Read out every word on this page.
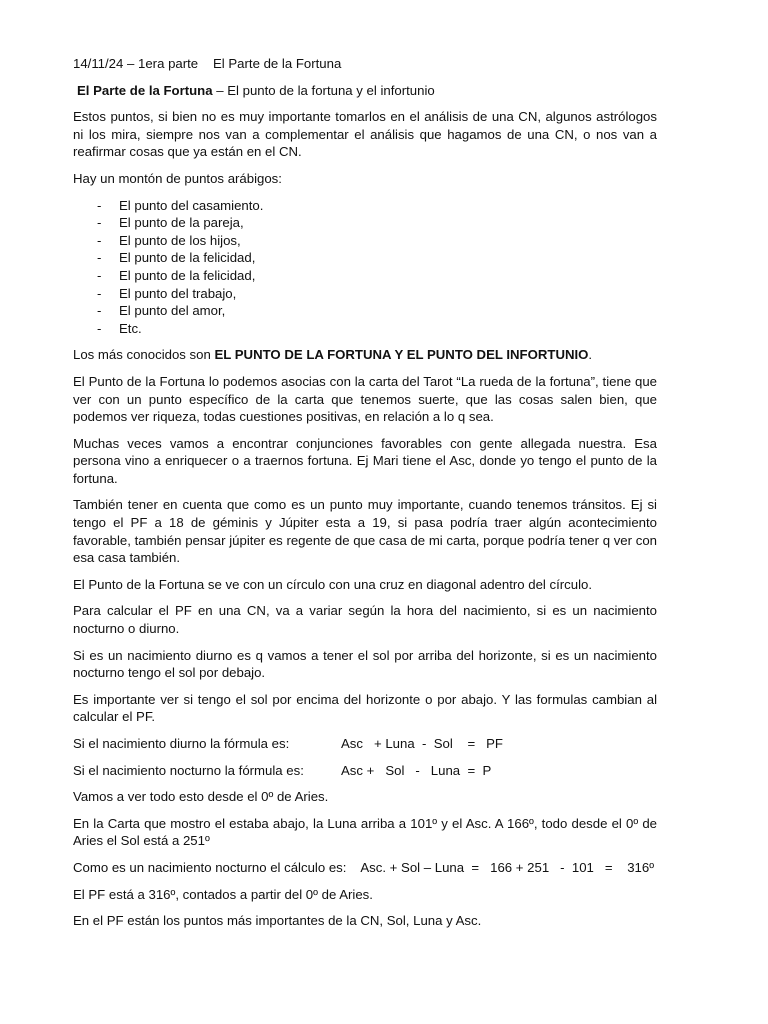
14/11/24 – 1era parte	El Parte de la Fortuna
El Parte de la Fortuna – El punto de la fortuna y el infortunio

Estos puntos, si bien no es muy importante tomarlos en el análisis de una CN, algunos astrólogos ni los mira, siempre nos van a complementar el análisis que hagamos de una CN, o nos van a reafirmar cosas que ya están en el CN.

Hay un montón de puntos arábigos:

- El punto del casamiento.
- El punto de la pareja,
- El punto de los hijos,
- El punto de la felicidad,
- El punto de la felicidad,
- El punto del trabajo,
- El punto del amor,
- Etc.

Los más conocidos son EL PUNTO DE LA FORTUNA Y EL PUNTO DEL INFORTUNIO.

El Punto de la Fortuna lo podemos asocias con la carta del Tarot “La rueda de la fortuna”, tiene que ver con un punto específico de la carta que tenemos suerte, que las cosas salen bien, que podemos ver riqueza, todas cuestiones positivas, en relación a lo q sea.

Muchas veces vamos a encontrar conjunciones favorables con gente allegada nuestra. Esa persona vino a enriquecer o a traernos fortuna. Ej Mari tiene el Asc, donde yo tengo el punto de la fortuna.

También tener en cuenta que como es un punto muy importante, cuando tenemos tránsitos. Ej si tengo el PF a 18 de géminis y Júpiter esta a 19, si pasa podría traer algún acontecimiento favorable, también pensar júpiter es regente de que casa de mi carta, porque podría tener q ver con esa casa también.

El Punto de la Fortuna se ve con un círculo con una cruz en diagonal adentro del círculo.

Para calcular el PF en una CN, va a variar según la hora del nacimiento, si es un nacimiento nocturno o diurno.

Si es un nacimiento diurno es q vamos a tener el sol por arriba del horizonte, si es un nacimiento nocturno tengo el sol por debajo.

Es importante ver si tengo el sol por encima del horizonte o por abajo. Y las formulas cambian al calcular el PF.

Si el nacimiento diurno la fórmula es:	Asc   + Luna  -  Sol    =   PF
Si el nacimiento nocturno la fórmula es:	Asc +   Sol   -   Luna  =  P

Vamos a ver todo esto desde el 0º de Aries.

En la Carta que mostro el estaba abajo, la Luna arriba a 101º y el Asc. A 166º, todo desde el 0º de Aries el Sol está a 251º

Como es un nacimiento nocturno el cálculo es: Asc. + Sol – Luna  =   166 + 251   -  101   =    316º

El PF está a 316º, contados a partir del 0º de Aries.

En el PF están los puntos más importantes de la CN, Sol, Luna y Asc.
